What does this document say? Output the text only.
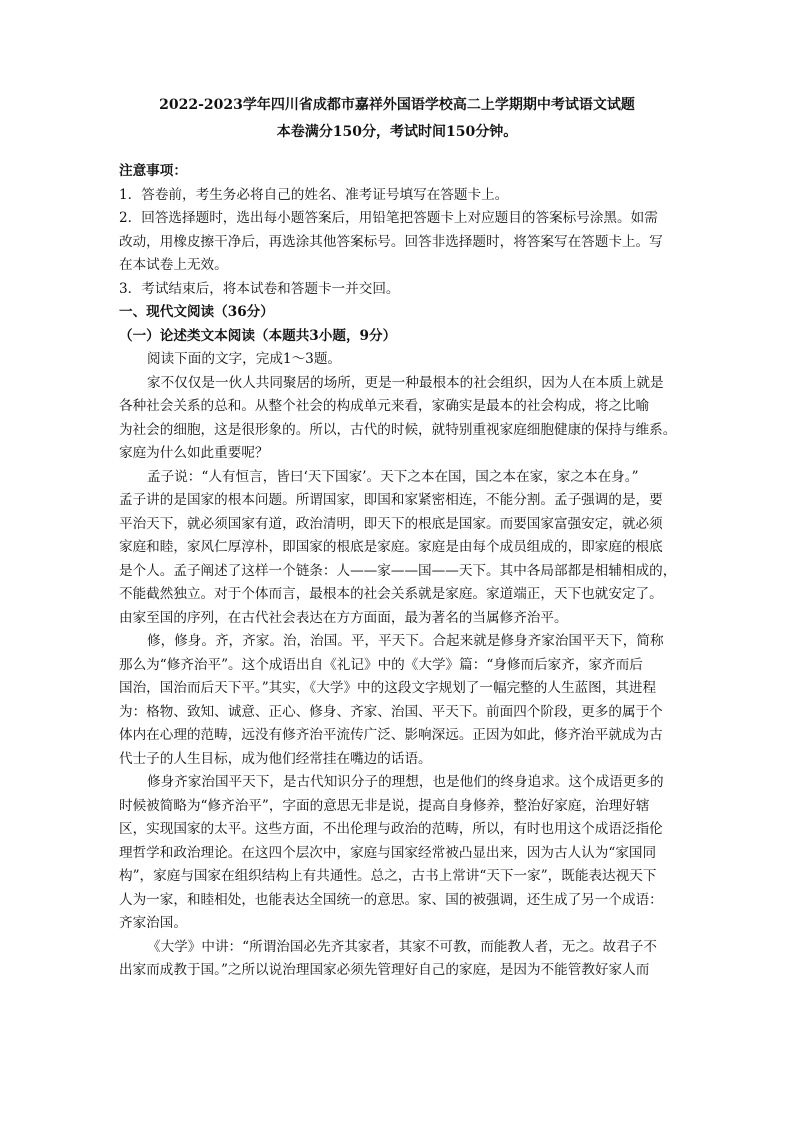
2022-2023学年四川省成都市嘉祥外国语学校高二上学期期中考试语文试题
本卷满分150分，考试时间150分钟。
注意事项：
1．答卷前，考生务必将自己的姓名、准考证号填写在答题卡上。
2．回答选择题时，选出每小题答案后，用铅笔把答题卡上对应题目的答案标号涂黑。如需
改动，用橡皮擦干净后，再选涂其他答案标号。回答非选择题时，将答案写在答题卡上。写
在本试卷上无效。
3．考试结束后，将本试卷和答题卡一并交回。
一、现代文阅读（36分）
（一）论述类文本阅读（本题共3小题，9分）
阅读下面的文字，完成1～3题。
家不仅仅是一伙人共同聚居的场所，更是一种最根本的社会组织，因为人在本质上就是
各种社会关系的总和。从整个社会的构成单元来看，家确实是最本的社会构成，将之比喻
为社会的细胞，这是很形象的。所以，古代的时候，就特别重视家庭细胞健康的保持与维系。
家庭为什么如此重要呢？
孟子说：“人有恒言，皆曰‘天下国家’。天下之本在国，国之本在家，家之本在身。”
孟子讲的是国家的根本问题。所谓国家，即国和家紧密相连，不能分割。孟子强调的是，要
平治天下，就必须国家有道，政治清明，即天下的根底是国家。而要国家富强安定，就必须
家庭和睦，家风仁厚淳朴，即国家的根底是家庭。家庭是由每个成员组成的，即家庭的根底
是个人。孟子阐述了这样一个链条：人——家——国——天下。其中各局部都是相辅相成的，
不能截然独立。对于个体而言，最根本的社会关系就是家庭。家道端正，天下也就安定了。
由家至国的序列，在古代社会表达在方方面面，最为著名的当属修齐治平。
修，修身。齐，齐家。治，治国。平，平天下。合起来就是修身齐家治国平天下，简称
那么为“修齐治平”。这个成语出自《礼记》中的《大学》篇：“身修而后家齐，家齐而后
国治，国治而后天下平。”其实，《大学》中的这段文字规划了一幅完整的人生蓝图，其进程
为：格物、致知、诚意、正心、修身、齐家、治国、平天下。前面四个阶段，更多的属于个
体内在心理的范畴，远没有修齐治平流传广泛、影响深远。正因为如此，修齐治平就成为古
代士子的人生目标，成为他们经常挂在嘴边的话语。
修身齐家治国平天下，是古代知识分子的理想，也是他们的终身追求。这个成语更多的
时候被简略为“修齐治平”，字面的意思无非是说，提高自身修养，整治好家庭，治理好辖
区，实现国家的太平。这些方面，不出伦理与政治的范畴，所以，有时也用这个成语泛指伦
理哲学和政治理论。在这四个层次中，家庭与国家经常被凸显出来，因为古人认为“家国同
构”，家庭与国家在组织结构上有共通性。总之，古书上常讲“天下一家”，既能表达视天下
人为一家，和睦相处，也能表达全国统一的意思。家、国的被强调，还生成了另一个成语：
齐家治国。
《大学》中讲：“所谓治国必先齐其家者，其家不可教，而能教人者，无之。故君子不
出家而成教于国。”之所以说治理国家必须先管理好自己的家庭，是因为不能管教好家人而
